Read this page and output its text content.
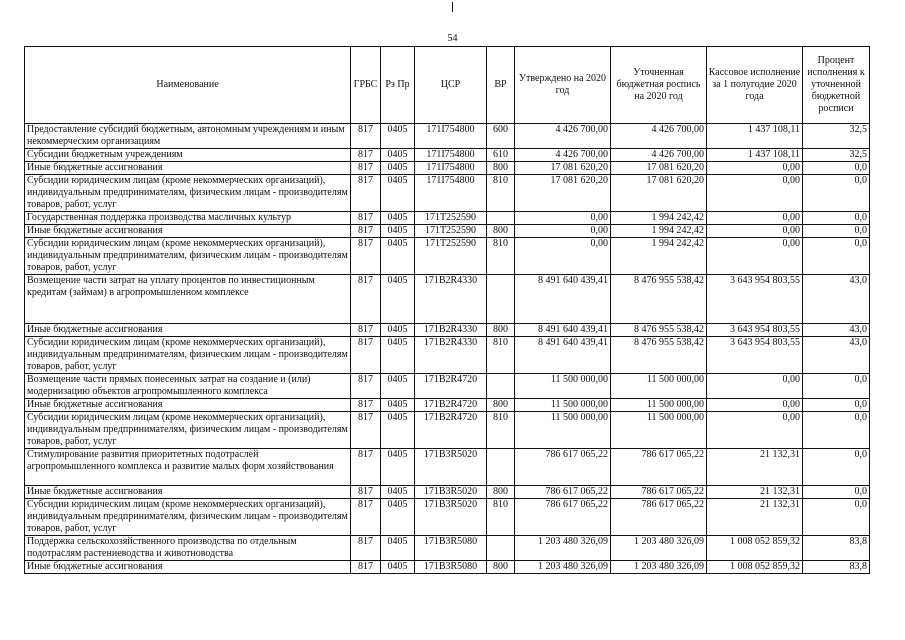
54
Наименование	ГРБС	Рз Пр	ЦСР	ВР	Утверждено на 2020 год	Уточненная бюджетная роспись на 2020 год	Кассовое исполнение за 1 полугодие 2020 года	Процент исполнения к уточненной бюджетной росписи
Предоставление субсидий бюджетным, автономным учреждениям и иным некоммерческим организациям	817	0405	171I754800	600	4 426 700,00	4 426 700,00	1 437 108,11	32,5
Субсидии бюджетным учреждениям	817	0405	171I754800	610	4 426 700,00	4 426 700,00	1 437 108,11	32,5
Иные бюджетные ассигнования	817	0405	171I754800	800	17 081 620,20	17 081 620,20	0,00	0,0
Субсидии юридическим лицам (кроме некоммерческих организаций), индивидуальным предпринимателям, физическим лицам - производителям товаров, работ, услуг	817	0405	171I754800	810	17 081 620,20	17 081 620,20	0,00	0,0
Государственная поддержка производства масличных культур	817	0405	171T252590		0,00	1 994 242,42	0,00	0,0
Иные бюджетные ассигнования	817	0405	171T252590	800	0,00	1 994 242,42	0,00	0,0
Субсидии юридическим лицам (кроме некоммерческих организаций), индивидуальным предпринимателям, физическим лицам - производителям товаров, работ, услуг	817	0405	171T252590	810	0,00	1 994 242,42	0,00	0,0
Возмещение части затрат на уплату процентов по инвестиционным кредитам (займам) в агропромышленном комплексе	817	0405	171B2R4330		8 491 640 439,41	8 476 955 538,42	3 643 954 803,55	43,0
Иные бюджетные ассигнования	817	0405	171B2R4330	800	8 491 640 439,41	8 476 955 538,42	3 643 954 803,55	43,0
Субсидии юридическим лицам (кроме некоммерческих организаций), индивидуальным предпринимателям, физическим лицам - производителям товаров, работ, услуг	817	0405	171B2R4330	810	8 491 640 439,41	8 476 955 538,42	3 643 954 803,55	43,0
Возмещение части прямых понесенных затрат на создание и (или) модернизацию объектов агропромышленного комплекса	817	0405	171B2R4720		11 500 000,00	11 500 000,00	0,00	0,0
Иные бюджетные ассигнования	817	0405	171B2R4720	800	11 500 000,00	11 500 000,00	0,00	0,0
Субсидии юридическим лицам (кроме некоммерческих организаций), индивидуальным предпринимателям, физическим лицам - производителям товаров, работ, услуг	817	0405	171B2R4720	810	11 500 000,00	11 500 000,00	0,00	0,0
Стимулирование развития приоритетных подотраслей агропромышленного комплекса и развитие малых форм хозяйствования	817	0405	171B3R5020		786 617 065,22	786 617 065,22	21 132,31	0,0
Иные бюджетные ассигнования	817	0405	171B3R5020	800	786 617 065,22	786 617 065,22	21 132,31	0,0
Субсидии юридическим лицам (кроме некоммерческих организаций), индивидуальным предпринимателям, физическим лицам - производителям товаров, работ, услуг	817	0405	171B3R5020	810	786 617 065,22	786 617 065,22	21 132,31	0,0
Поддержка сельскохозяйственного производства по отдельным подотраслям растениеводства и животноводства	817	0405	171B3R5080		1 203 480 326,09	1 203 480 326,09	1 008 052 859,32	83,8
Иные бюджетные ассигнования	817	0405	171B3R5080	800	1 203 480 326,09	1 203 480 326,09	1 008 052 859,32	83,8
